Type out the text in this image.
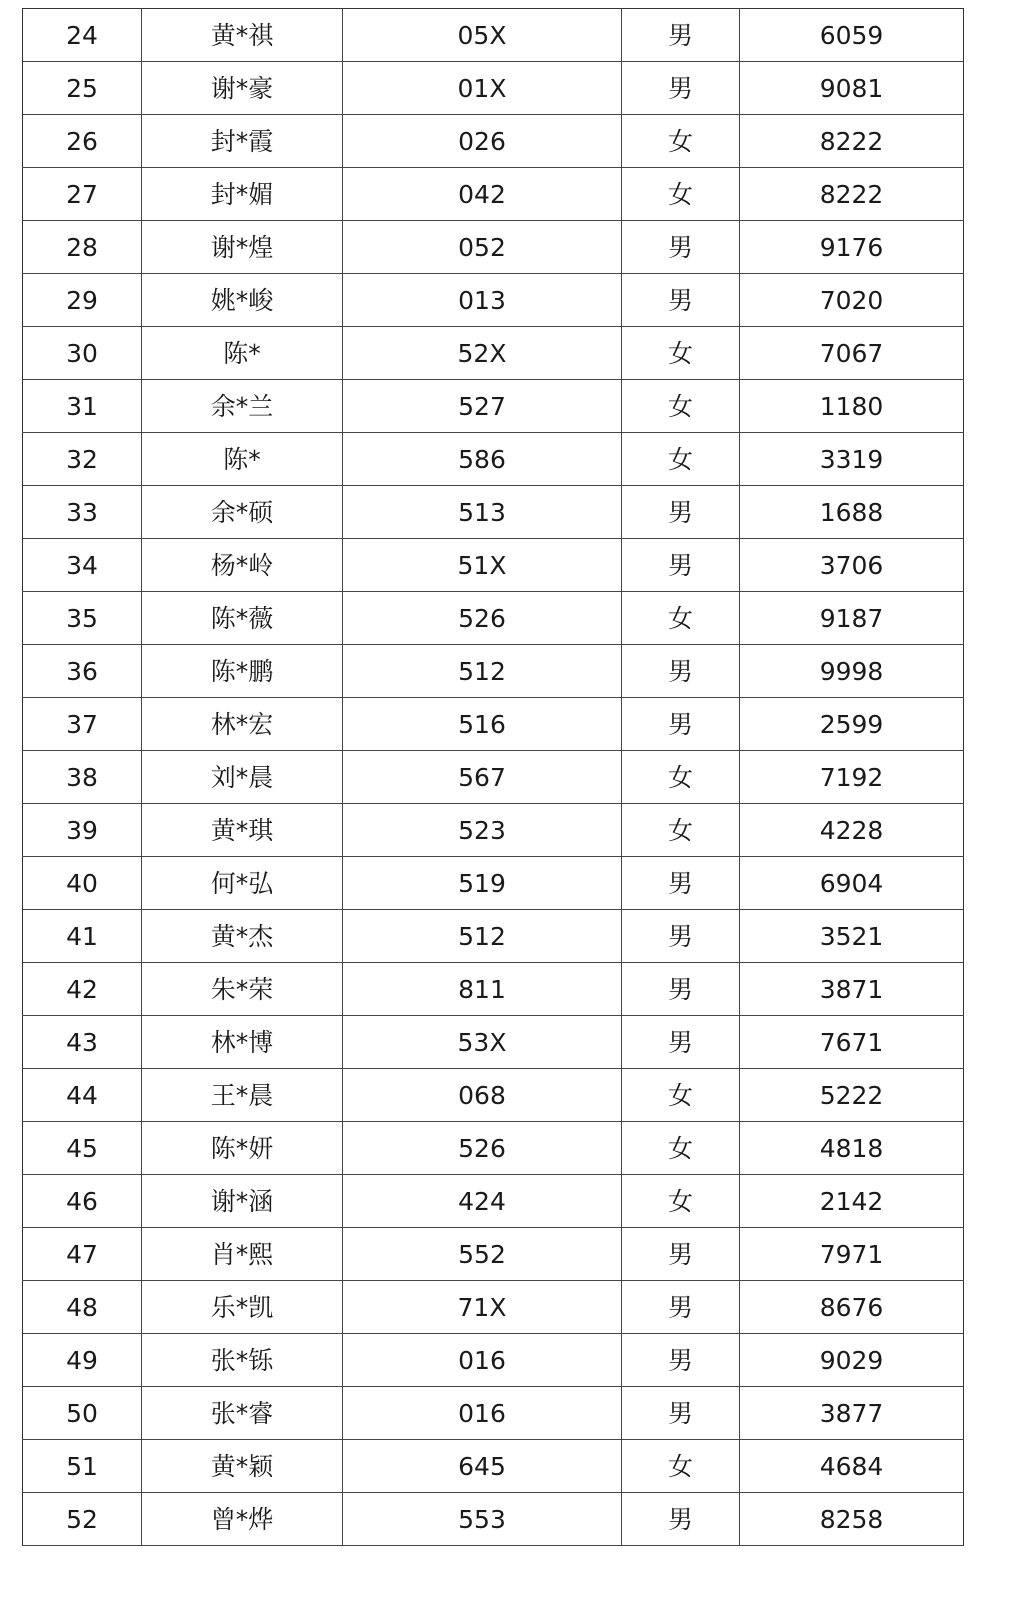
24	黄*祺	05X	男	6059
25	谢*豪	01X	男	9081
26	封*霞	026	女	8222
27	封*媚	042	女	8222
28	谢*煌	052	男	9176
29	姚*峻	013	男	7020
30	陈*	52X	女	7067
31	余*兰	527	女	1180
32	陈*	586	女	3319
33	余*硕	513	男	1688
34	杨*岭	51X	男	3706
35	陈*薇	526	女	9187
36	陈*鹏	512	男	9998
37	林*宏	516	男	2599
38	刘*晨	567	女	7192
39	黄*琪	523	女	4228
40	何*弘	519	男	6904
41	黄*杰	512	男	3521
42	朱*荣	811	男	3871
43	林*博	53X	男	7671
44	王*晨	068	女	5222
45	陈*妍	526	女	4818
46	谢*涵	424	女	2142
47	肖*熙	552	男	7971
48	乐*凯	71X	男	8676
49	张*铄	016	男	9029
50	张*睿	016	男	3877
51	黄*颖	645	女	4684
52	曾*烨	553	男	8258
